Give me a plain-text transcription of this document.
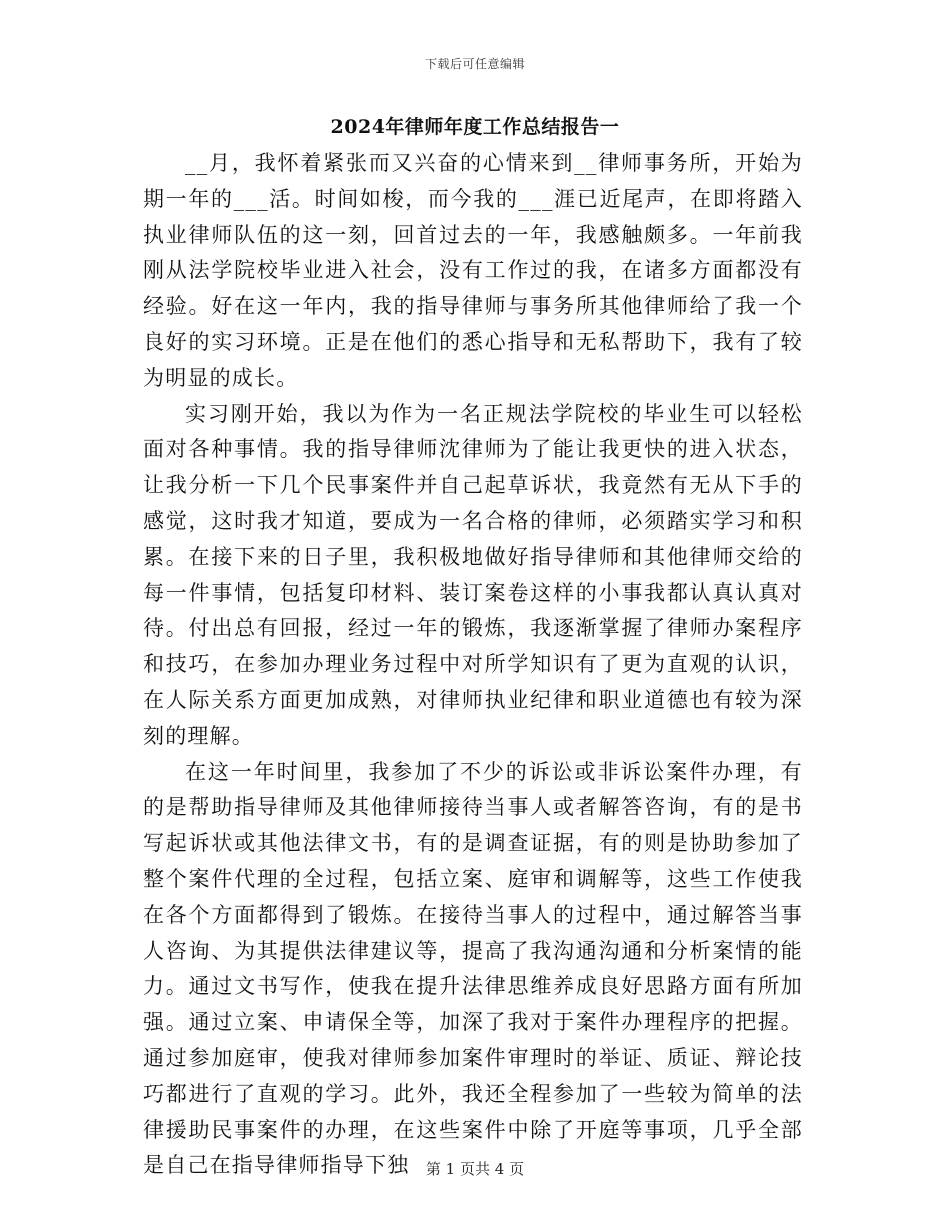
下载后可任意编辑
2024年律师年度工作总结报告一

__月，我怀着紧张而又兴奋的心情来到__律师事务所，开始为期一年的___活。时间如梭，而今我的___涯已近尾声，在即将踏入执业律师队伍的这一刻，回首过去的一年，我感触颇多。一年前我刚从法学院校毕业进入社会，没有工作过的我，在诸多方面都没有经验。好在这一年内，我的指导律师与事务所其他律师给了我一个良好的实习环境。正是在他们的悉心指导和无私帮助下，我有了较为明显的成长。

实习刚开始，我以为作为一名正规法学院校的毕业生可以轻松面对各种事情。我的指导律师沈律师为了能让我更快的进入状态，让我分析一下几个民事案件并自己起草诉状，我竟然有无从下手的感觉，这时我才知道，要成为一名合格的律师，必须踏实学习和积累。在接下来的日子里，我积极地做好指导律师和其他律师交给的每一件事情，包括复印材料、装订案卷这样的小事我都认真认真对待。付出总有回报，经过一年的锻炼，我逐渐掌握了律师办案程序和技巧，在参加办理业务过程中对所学知识有了更为直观的认识，在人际关系方面更加成熟，对律师执业纪律和职业道德也有较为深刻的理解。

在这一年时间里，我参加了不少的诉讼或非诉讼案件办理，有的是帮助指导律师及其他律师接待当事人或者解答咨询，有的是书写起诉状或其他法律文书，有的是调查证据，有的则是协助参加了整个案件代理的全过程，包括立案、庭审和调解等，这些工作使我在各个方面都得到了锻炼。在接待当事人的过程中，通过解答当事人咨询、为其提供法律建议等，提高了我沟通沟通和分析案情的能力。通过文书写作，使我在提升法律思维养成良好思路方面有所加强。通过立案、申请保全等，加深了我对于案件办理程序的把握。通过参加庭审，使我对律师参加案件审理时的举证、质证、辩论技巧都进行了直观的学习。此外，我还全程参加了一些较为简单的法律援助民事案件的办理，在这些案件中除了开庭等事项，几乎全部是自己在指导律师指导下独	第 1 页共 4 页
